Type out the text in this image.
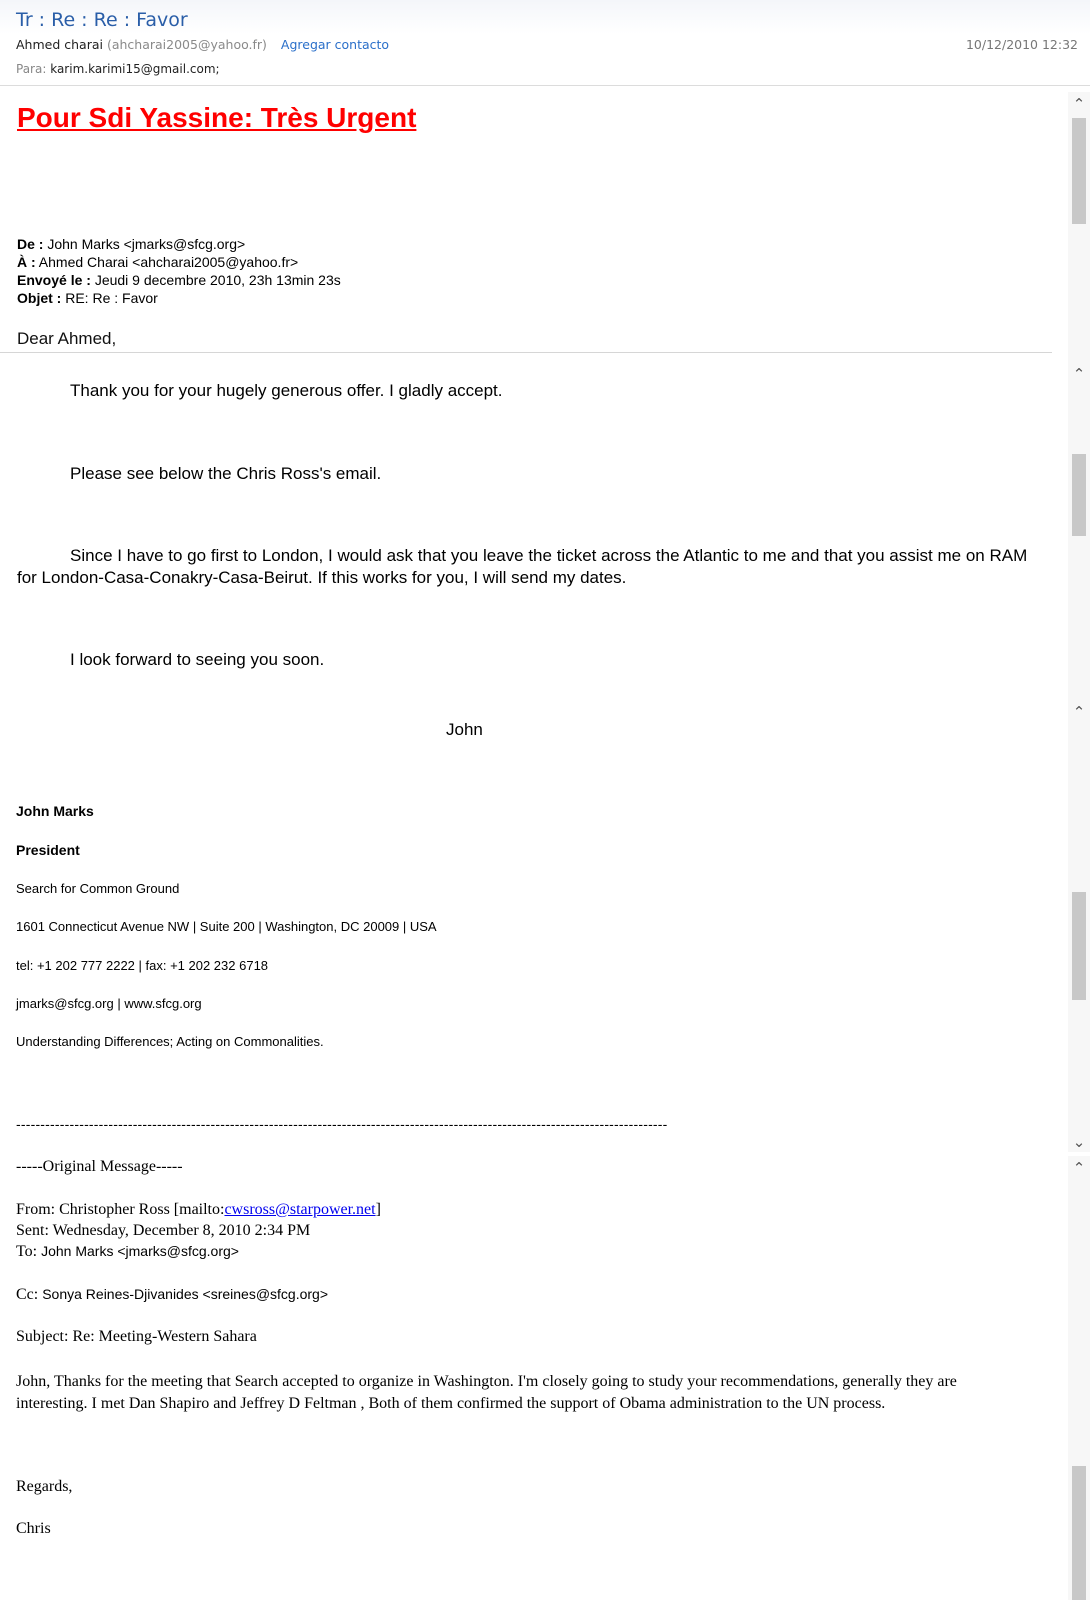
Tr : Re : Re : Favor
Ahmed charai (ahcharai2005@yahoo.fr) Agregar contacto	10/12/2010 12:32
Para: karim.karimi15@gmail.com;
⌃
⌃
⌃
⌄
⌃
Pour Sdi Yassine: Très Urgent
De : John Marks <jmarks@sfcg.org>
À : Ahmed Charai <ahcharai2005@yahoo.fr>
Envoyé le : Jeudi 9 decembre 2010, 23h 13min 23s
Objet : RE: Re : Favor
Dear Ahmed,
Thank you for your hugely generous offer. I gladly accept.
Please see below the Chris Ross's email.
Since I have to go first to London, I would ask that you leave the ticket across the Atlantic to me and that you assist me on RAM for London-Casa-Conakry-Casa-Beirut. If this works for you, I will send my dates.
I look forward to seeing you soon.
John
John Marks
President
Search for Common Ground
1601 Connecticut Avenue NW | Suite 200 | Washington, DC 20009 | USA
tel: +1 202 777 2222 | fax: +1 202 232 6718
jmarks@sfcg.org | www.sfcg.org
Understanding Differences; Acting on Commonalities.
--------------------------------------------------------------------------------------------------------------------------------------
-----Original Message-----
From: Christopher Ross [mailto:cwsross@starpower.net]
Sent: Wednesday, December 8, 2010 2:34 PM
To: John Marks <jmarks@sfcg.org>
Cc: Sonya Reines-Djivanides <sreines@sfcg.org>
Subject: Re: Meeting-Western Sahara
John, Thanks for the meeting that Search accepted to organize in Washington. I'm closely going to study your recommendations, generally they are interesting. I met Dan Shapiro and Jeffrey D Feltman , Both of them confirmed the support of Obama administration to the UN process.
Regards,
Chris
